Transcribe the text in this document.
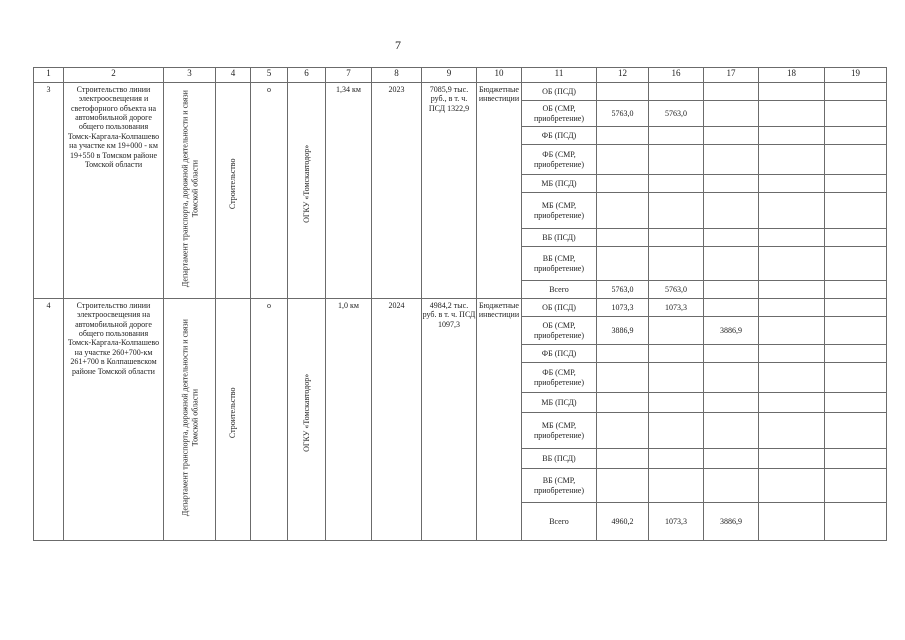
7
1	2	3	4	5	6	7	8	9	10	11	12	16	17	18	19
3	Строительство линии электроосвещения и светофорного объекта на автомобильной дороге общего пользования Томск-Каргала-Колпашево на участке км 19+000 - км 19+550 в Томском районе Томской области	Департамент транспорта, дорожной деятельности и связи Томской области	Строительство	о	ОГКУ «Томскавтодор»	1,34 км	2023	7085,9 тыс. руб., в т. ч. ПСД 1322,9	Бюджетные инвестиции	ОБ (ПСД)					
										ОБ (СМР, приобретение)	5763,0	5763,0			
										ФБ (ПСД)					
										ФБ (СМР, приобретение)					
										МБ (ПСД)					
										МБ (СМР, приобретение)					
										ВБ (ПСД)					
										ВБ (СМР, приобретение)					
										Всего	5763,0	5763,0			
4	Строительство линии электроосвещения на автомобильной дороге общего пользования Томск-Каргала-Колпашево на участке 260+700-км 261+700 в Колпашевском районе Томской области	Департамент транспорта, дорожной деятельности и связи Томской области	Строительство	о	ОГКУ «Томскавтодор»	1,0 км	2024	4984,2 тыс. руб. в т. ч. ПСД 1097,3	Бюджетные инвестиции	ОБ (ПСД)	1073,3	1073,3			
										ОБ (СМР, приобретение)	3886,9		3886,9		
										ФБ (ПСД)					
										ФБ (СМР, приобретение)					
										МБ (ПСД)					
										МБ (СМР, приобретение)					
										ВБ (ПСД)					
										ВБ (СМР, приобретение)					
										Всего	4960,2	1073,3	3886,9		
